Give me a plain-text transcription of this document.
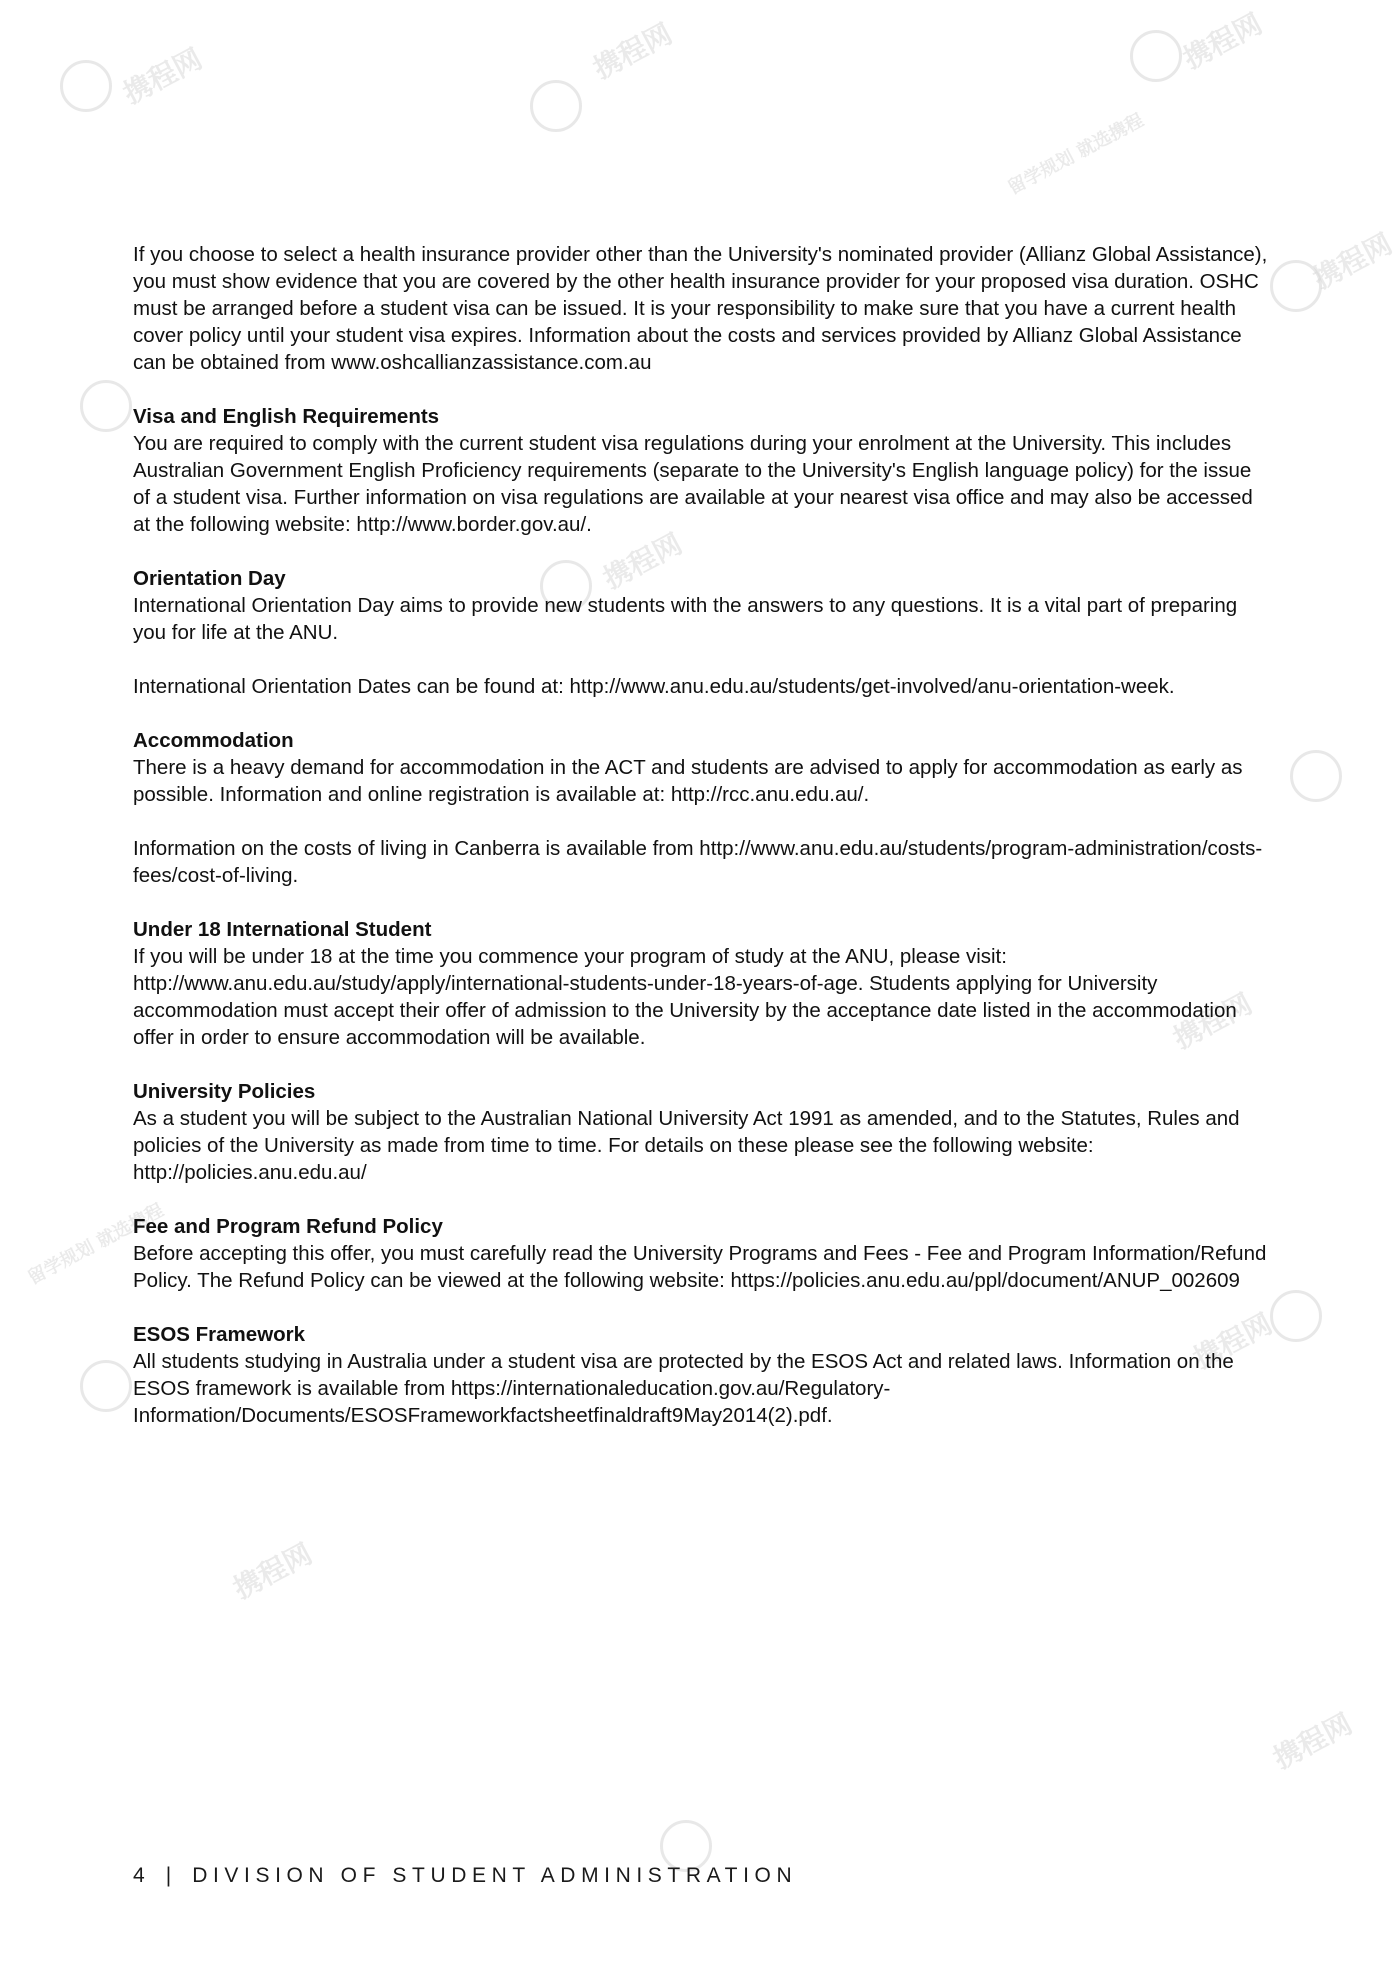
携程网	携程网	携程网
携程网
携程网
携程网
携程网
携程网
携程网
留学规划 就选携程
留学规划 就选携程

If you choose to select a health insurance provider other than the University's nominated provider (Allianz Global Assistance), you must show evidence that you are covered by the other health insurance provider for your proposed visa duration. OSHC must be arranged before a student visa can be issued. It is your responsibility to make sure that you have a current health cover policy until your student visa expires. Information about the costs and services provided by Allianz Global Assistance can be obtained from www.oshcallianzassistance.com.au

Visa and English Requirements

You are required to comply with the current student visa regulations during your enrolment at the University. This includes Australian Government English Proficiency requirements (separate to the University's English language policy) for the issue of a student visa. Further information on visa regulations are available at your nearest visa office and may also be accessed at the following website: http://www.border.gov.au/.

Orientation Day

International Orientation Day aims to provide new students with the answers to any questions. It is a vital part of preparing you for life at the ANU.

International Orientation Dates can be found at: http://www.anu.edu.au/students/get-involved/anu-orientation-week.

Accommodation

There is a heavy demand for accommodation in the ACT and students are advised to apply for accommodation as early as possible. Information and online registration is available at: http://rcc.anu.edu.au/.

Information on the costs of living in Canberra is available from http://www.anu.edu.au/students/program-administration/costs-fees/cost-of-living.

Under 18 International Student

If you will be under 18 at the time you commence your program of study at the ANU, please visit: http://www.anu.edu.au/study/apply/international-students-under-18-years-of-age. Students applying for University accommodation must accept their offer of admission to the University by the acceptance date listed in the accommodation offer in order to ensure accommodation will be available.

University Policies

As a student you will be subject to the Australian National University Act 1991 as amended, and to the Statutes, Rules and policies of the University as made from time to time. For details on these please see the following website: http://policies.anu.edu.au/

Fee and Program Refund Policy

Before accepting this offer, you must carefully read the University Programs and Fees - Fee and Program Information/Refund Policy. The Refund Policy can be viewed at the following website: https://policies.anu.edu.au/ppl/document/ANUP_002609

ESOS Framework

All students studying in Australia under a student visa are protected by the ESOS Act and related laws. Information on the ESOS framework is available from https://internationaleducation.gov.au/Regulatory-Information/Documents/ESOSFrameworkfactsheetfinaldraft9May2014(2).pdf.

4 | DIVISION OF STUDENT ADMINISTRATION
